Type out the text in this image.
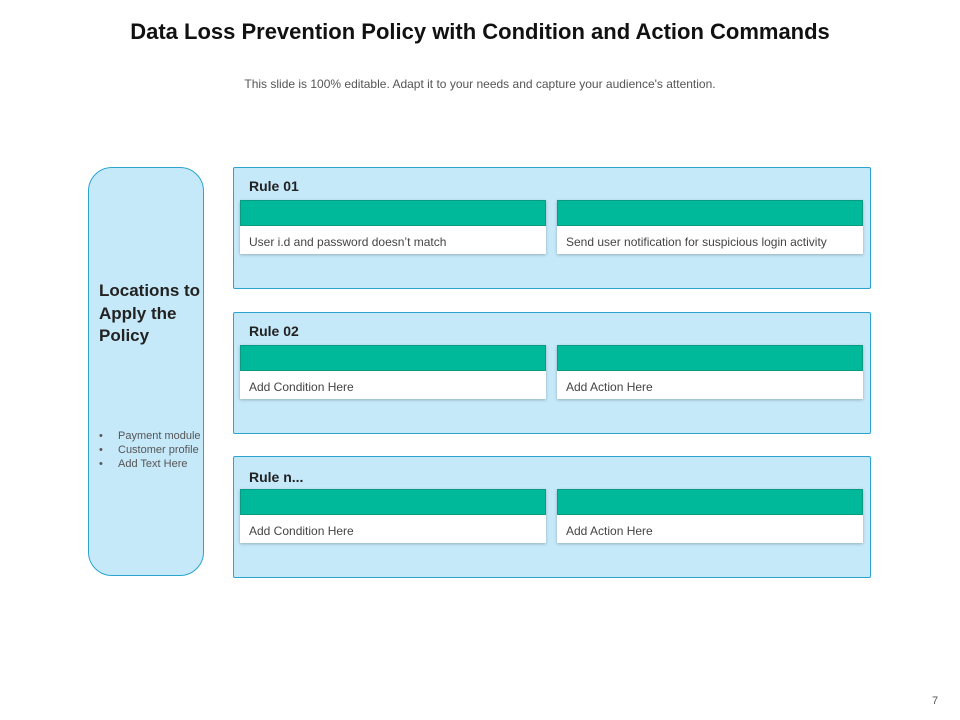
Data Loss Prevention Policy with Condition and Action Commands
This slide is 100% editable. Adapt it to your needs and capture your audience's attention.
Locations to Apply the Policy
• Payment module
• Customer profile
• Add Text Here
Rule 01
User i.d and password doesn’t match	Send user notification for suspicious login activity
Rule 02
Add Condition Here	Add Action Here
Rule n...
Add Condition Here	Add Action Here
7
